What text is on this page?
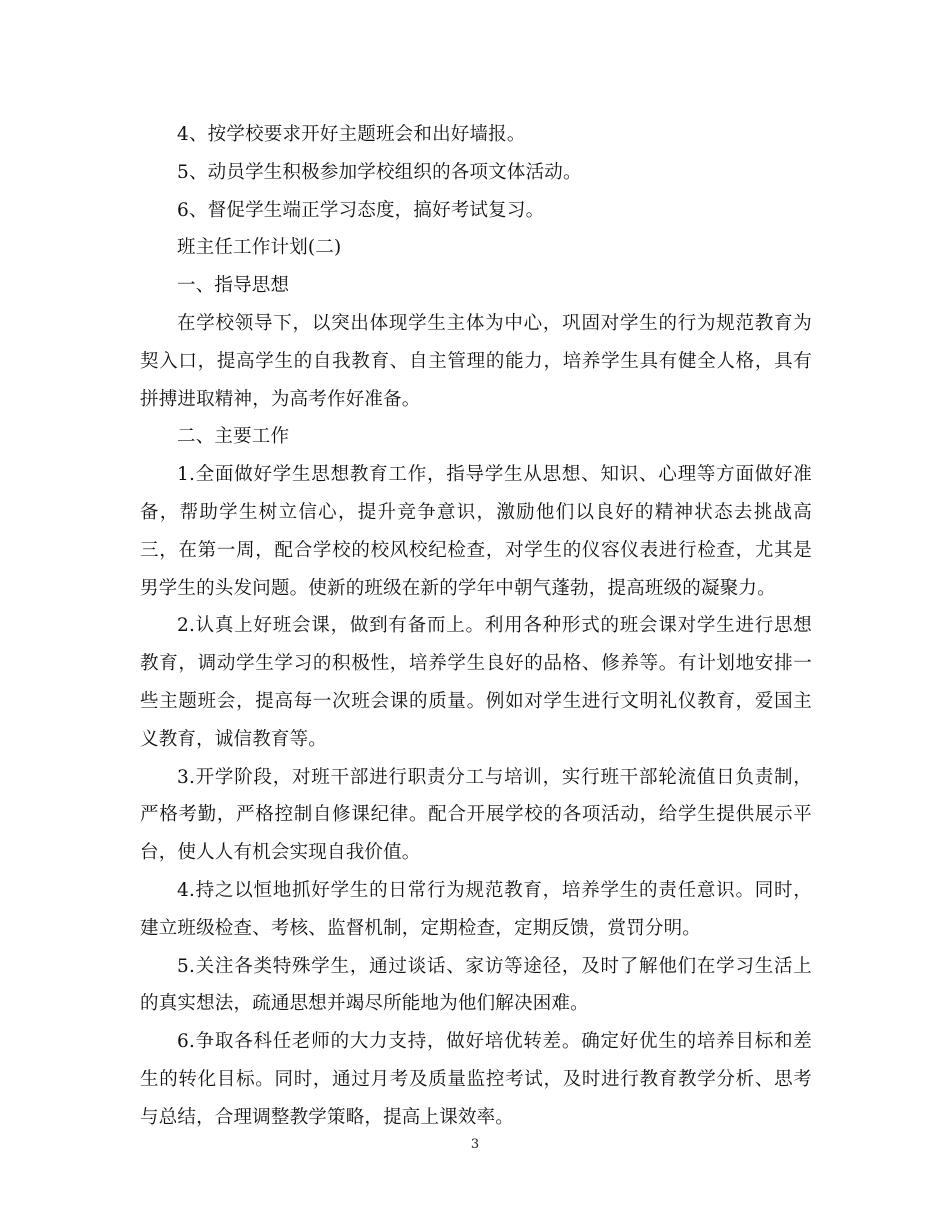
4、按学校要求开好主题班会和出好墙报。

5、动员学生积极参加学校组织的各项文体活动。

6、督促学生端正学习态度，搞好考试复习。

班主任工作计划(二)

一、指导思想

在学校领导下，以突出体现学生主体为中心，巩固对学生的行为规范教育为契入口，提高学生的自我教育、自主管理的能力，培养学生具有健全人格，具有拼搏进取精神，为高考作好准备。

二、主要工作

1.全面做好学生思想教育工作，指导学生从思想、知识、心理等方面做好准备，帮助学生树立信心，提升竞争意识，激励他们以良好的精神状态去挑战高三，在第一周，配合学校的校风校纪检查，对学生的仪容仪表进行检查，尤其是男学生的头发问题。使新的班级在新的学年中朝气蓬勃，提高班级的凝聚力。

2.认真上好班会课，做到有备而上。利用各种形式的班会课对学生进行思想教育，调动学生学习的积极性，培养学生良好的品格、修养等。有计划地安排一些主题班会，提高每一次班会课的质量。例如对学生进行文明礼仪教育，爱国主义教育，诚信教育等。

3.开学阶段，对班干部进行职责分工与培训，实行班干部轮流值日负责制，严格考勤，严格控制自修课纪律。配合开展学校的各项活动，给学生提供展示平台，使人人有机会实现自我价值。

4.持之以恒地抓好学生的日常行为规范教育，培养学生的责任意识。同时，建立班级检查、考核、监督机制，定期检查，定期反馈，赏罚分明。

5.关注各类特殊学生，通过谈话、家访等途径，及时了解他们在学习生活上的真实想法，疏通思想并竭尽所能地为他们解决困难。

6.争取各科任老师的大力支持，做好培优转差。确定好优生的培养目标和差生的转化目标。同时，通过月考及质量监控考试，及时进行教育教学分析、思考与总结，合理调整教学策略，提高上课效率。

3
